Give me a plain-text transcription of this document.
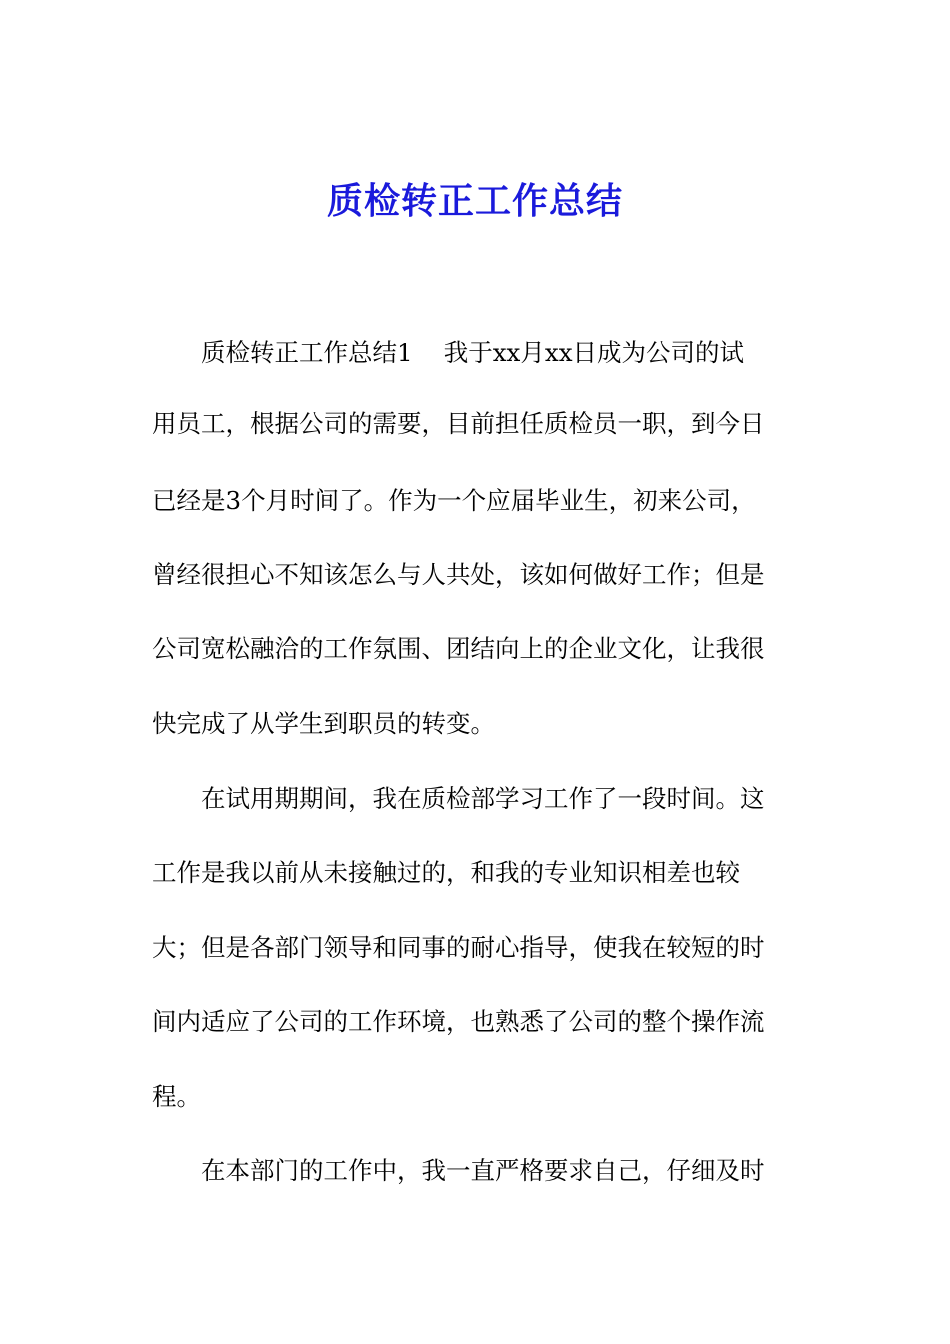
质检转正工作总结
质检转正工作总结1    我于xx月xx日成为公司的试
用员工，根据公司的需要，目前担任质检员一职，到今日
已经是3个月时间了。作为一个应届毕业生，初来公司，
曾经很担心不知该怎么与人共处，该如何做好工作；但是
公司宽松融洽的工作氛围、团结向上的企业文化，让我很
快完成了从学生到职员的转变。
在试用期期间，我在质检部学习工作了一段时间。这
工作是我以前从未接触过的，和我的专业知识相差也较
大；但是各部门领导和同事的耐心指导，使我在较短的时
间内适应了公司的工作环境，也熟悉了公司的整个操作流
程。
在本部门的工作中，我一直严格要求自己，仔细及时
